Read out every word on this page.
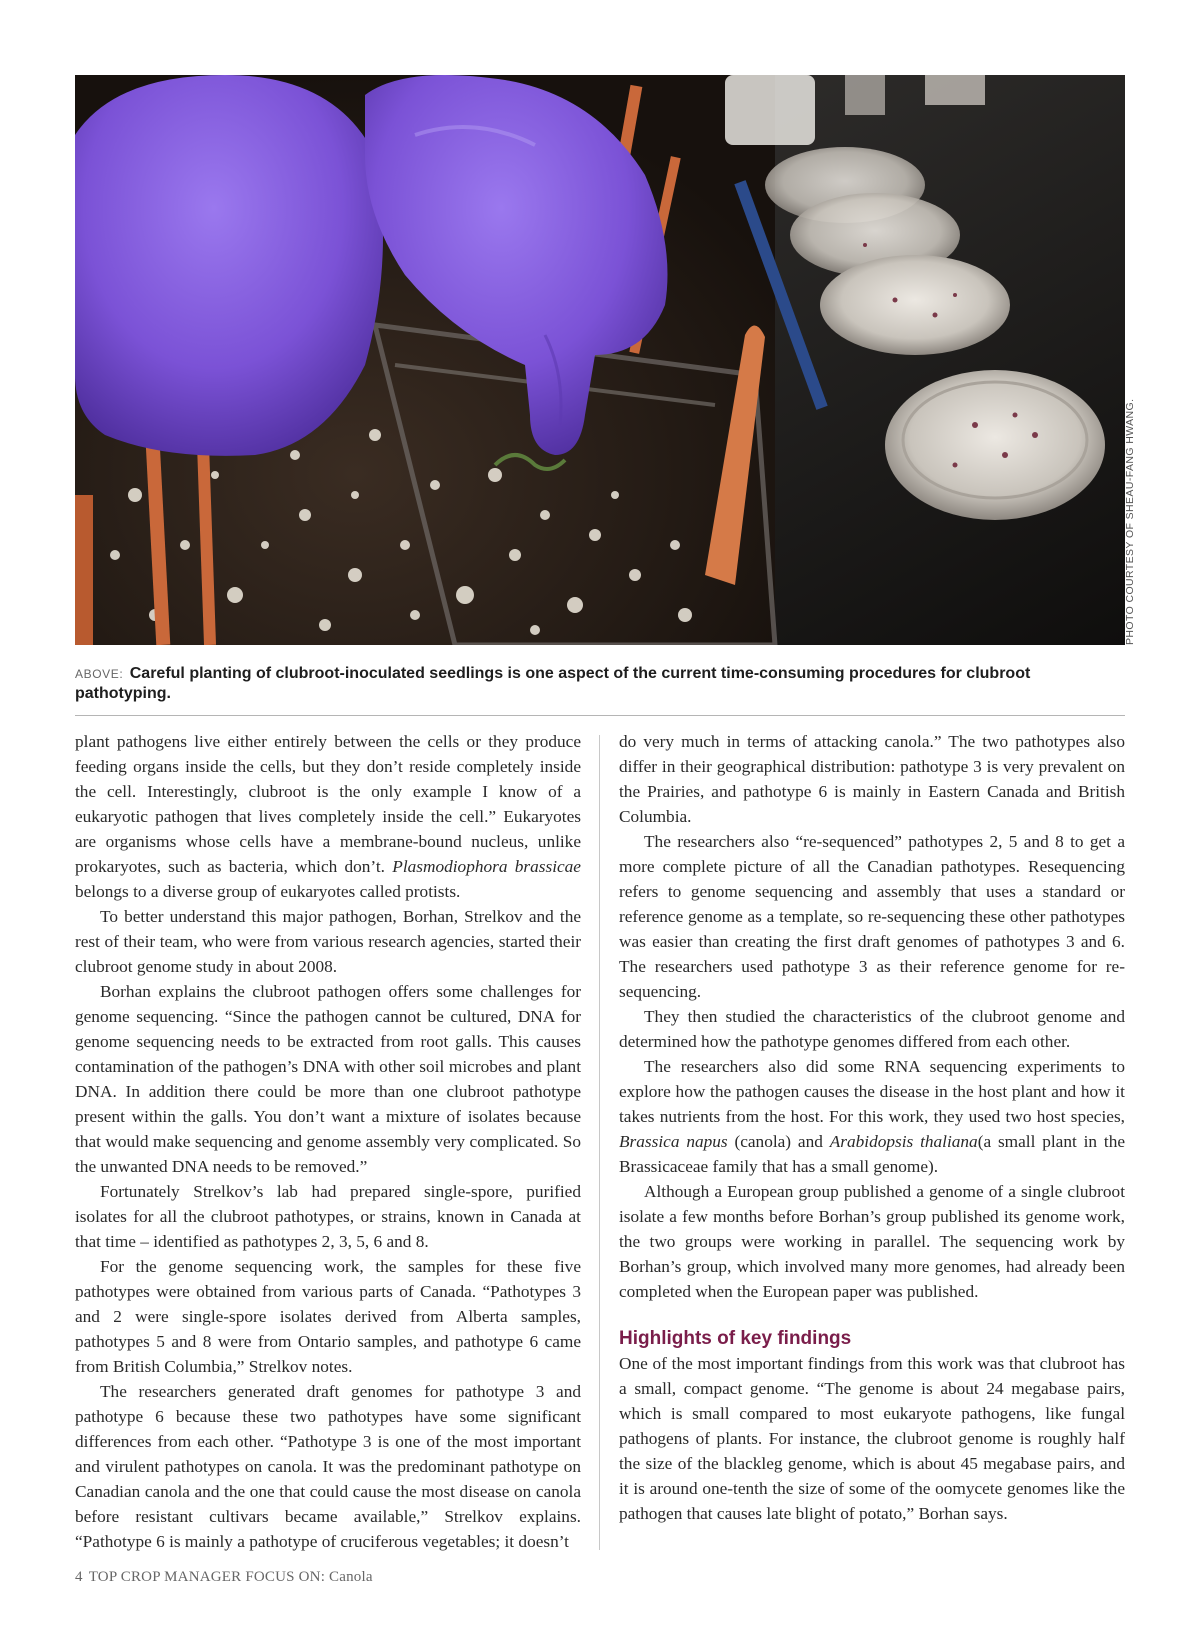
PHOTO COURTESY OF SHEAU-FANG HWANG.
ABOVE: Careful planting of clubroot-inoculated seedlings is one aspect of the current time-consuming procedures for clubroot pathotyping.

plant pathogens live either entirely between the cells or they produce feeding organs inside the cells, but they don’t reside completely inside the cell. Interestingly, clubroot is the only example I know of a eukaryotic pathogen that lives completely inside the cell.” Eukaryotes are organisms whose cells have a membrane-bound nucleus, unlike prokaryotes, such as bacteria, which don’t. Plasmodiophora brassicae belongs to a diverse group of eukaryotes called protists.

To better understand this major pathogen, Borhan, Strelkov and the rest of their team, who were from various research agencies, started their clubroot genome study in about 2008.

Borhan explains the clubroot pathogen offers some challenges for genome sequencing. “Since the pathogen cannot be cultured, DNA for genome sequencing needs to be extracted from root galls. This causes contamination of the pathogen’s DNA with other soil microbes and plant DNA. In addition there could be more than one clubroot pathotype present within the galls. You don’t want a mixture of isolates because that would make sequencing and genome assembly very complicated. So the unwanted DNA needs to be removed.”

Fortunately Strelkov’s lab had prepared single-spore, purified isolates for all the clubroot pathotypes, or strains, known in Canada at that time – identified as pathotypes 2, 3, 5, 6 and 8.

For the genome sequencing work, the samples for these five pathotypes were obtained from various parts of Canada. “Pathotypes 3 and 2 were single-spore isolates derived from Alberta samples, pathotypes 5 and 8 were from Ontario samples, and pathotype 6 came from British Columbia,” Strelkov notes.

The researchers generated draft genomes for pathotype 3 and pathotype 6 because these two pathotypes have some significant differences from each other. “Pathotype 3 is one of the most important and virulent pathotypes on canola. It was the predominant pathotype on Canadian canola and the one that could cause the most disease on canola before resistant cultivars became available,” Strelkov explains. “Pathotype 6 is mainly a pathotype of cruciferous vegetables; it doesn’t

do very much in terms of attacking canola.” The two pathotypes also differ in their geographical distribution: pathotype 3 is very prevalent on the Prairies, and pathotype 6 is mainly in Eastern Canada and British Columbia.

The researchers also “re-sequenced” pathotypes 2, 5 and 8 to get a more complete picture of all the Canadian pathotypes. Resequencing refers to genome sequencing and assembly that uses a standard or reference genome as a template, so re-sequencing these other pathotypes was easier than creating the first draft genomes of pathotypes 3 and 6. The researchers used pathotype 3 as their reference genome for re-sequencing.

They then studied the characteristics of the clubroot genome and determined how the pathotype genomes differed from each other.

The researchers also did some RNA sequencing experiments to explore how the pathogen causes the disease in the host plant and how it takes nutrients from the host. For this work, they used two host species, Brassica napus (canola) and Arabidopsis thaliana(a small plant in the Brassicaceae family that has a small genome).

Although a European group published a genome of a single clubroot isolate a few months before Borhan’s group published its genome work, the two groups were working in parallel. The sequencing work by Borhan’s group, which involved many more genomes, had already been completed when the European paper was published.

Highlights of key findings

One of the most important findings from this work was that clubroot has a small, compact genome. “The genome is about 24 megabase pairs, which is small compared to most eukaryote pathogens, like fungal pathogens of plants. For instance, the clubroot genome is roughly half the size of the blackleg genome, which is about 45 megabase pairs, and it is around one-tenth the size of some of the oomycete genomes like the pathogen that causes late blight of potato,” Borhan says.

4 TOP CROP MANAGER FOCUS ON: Canola
